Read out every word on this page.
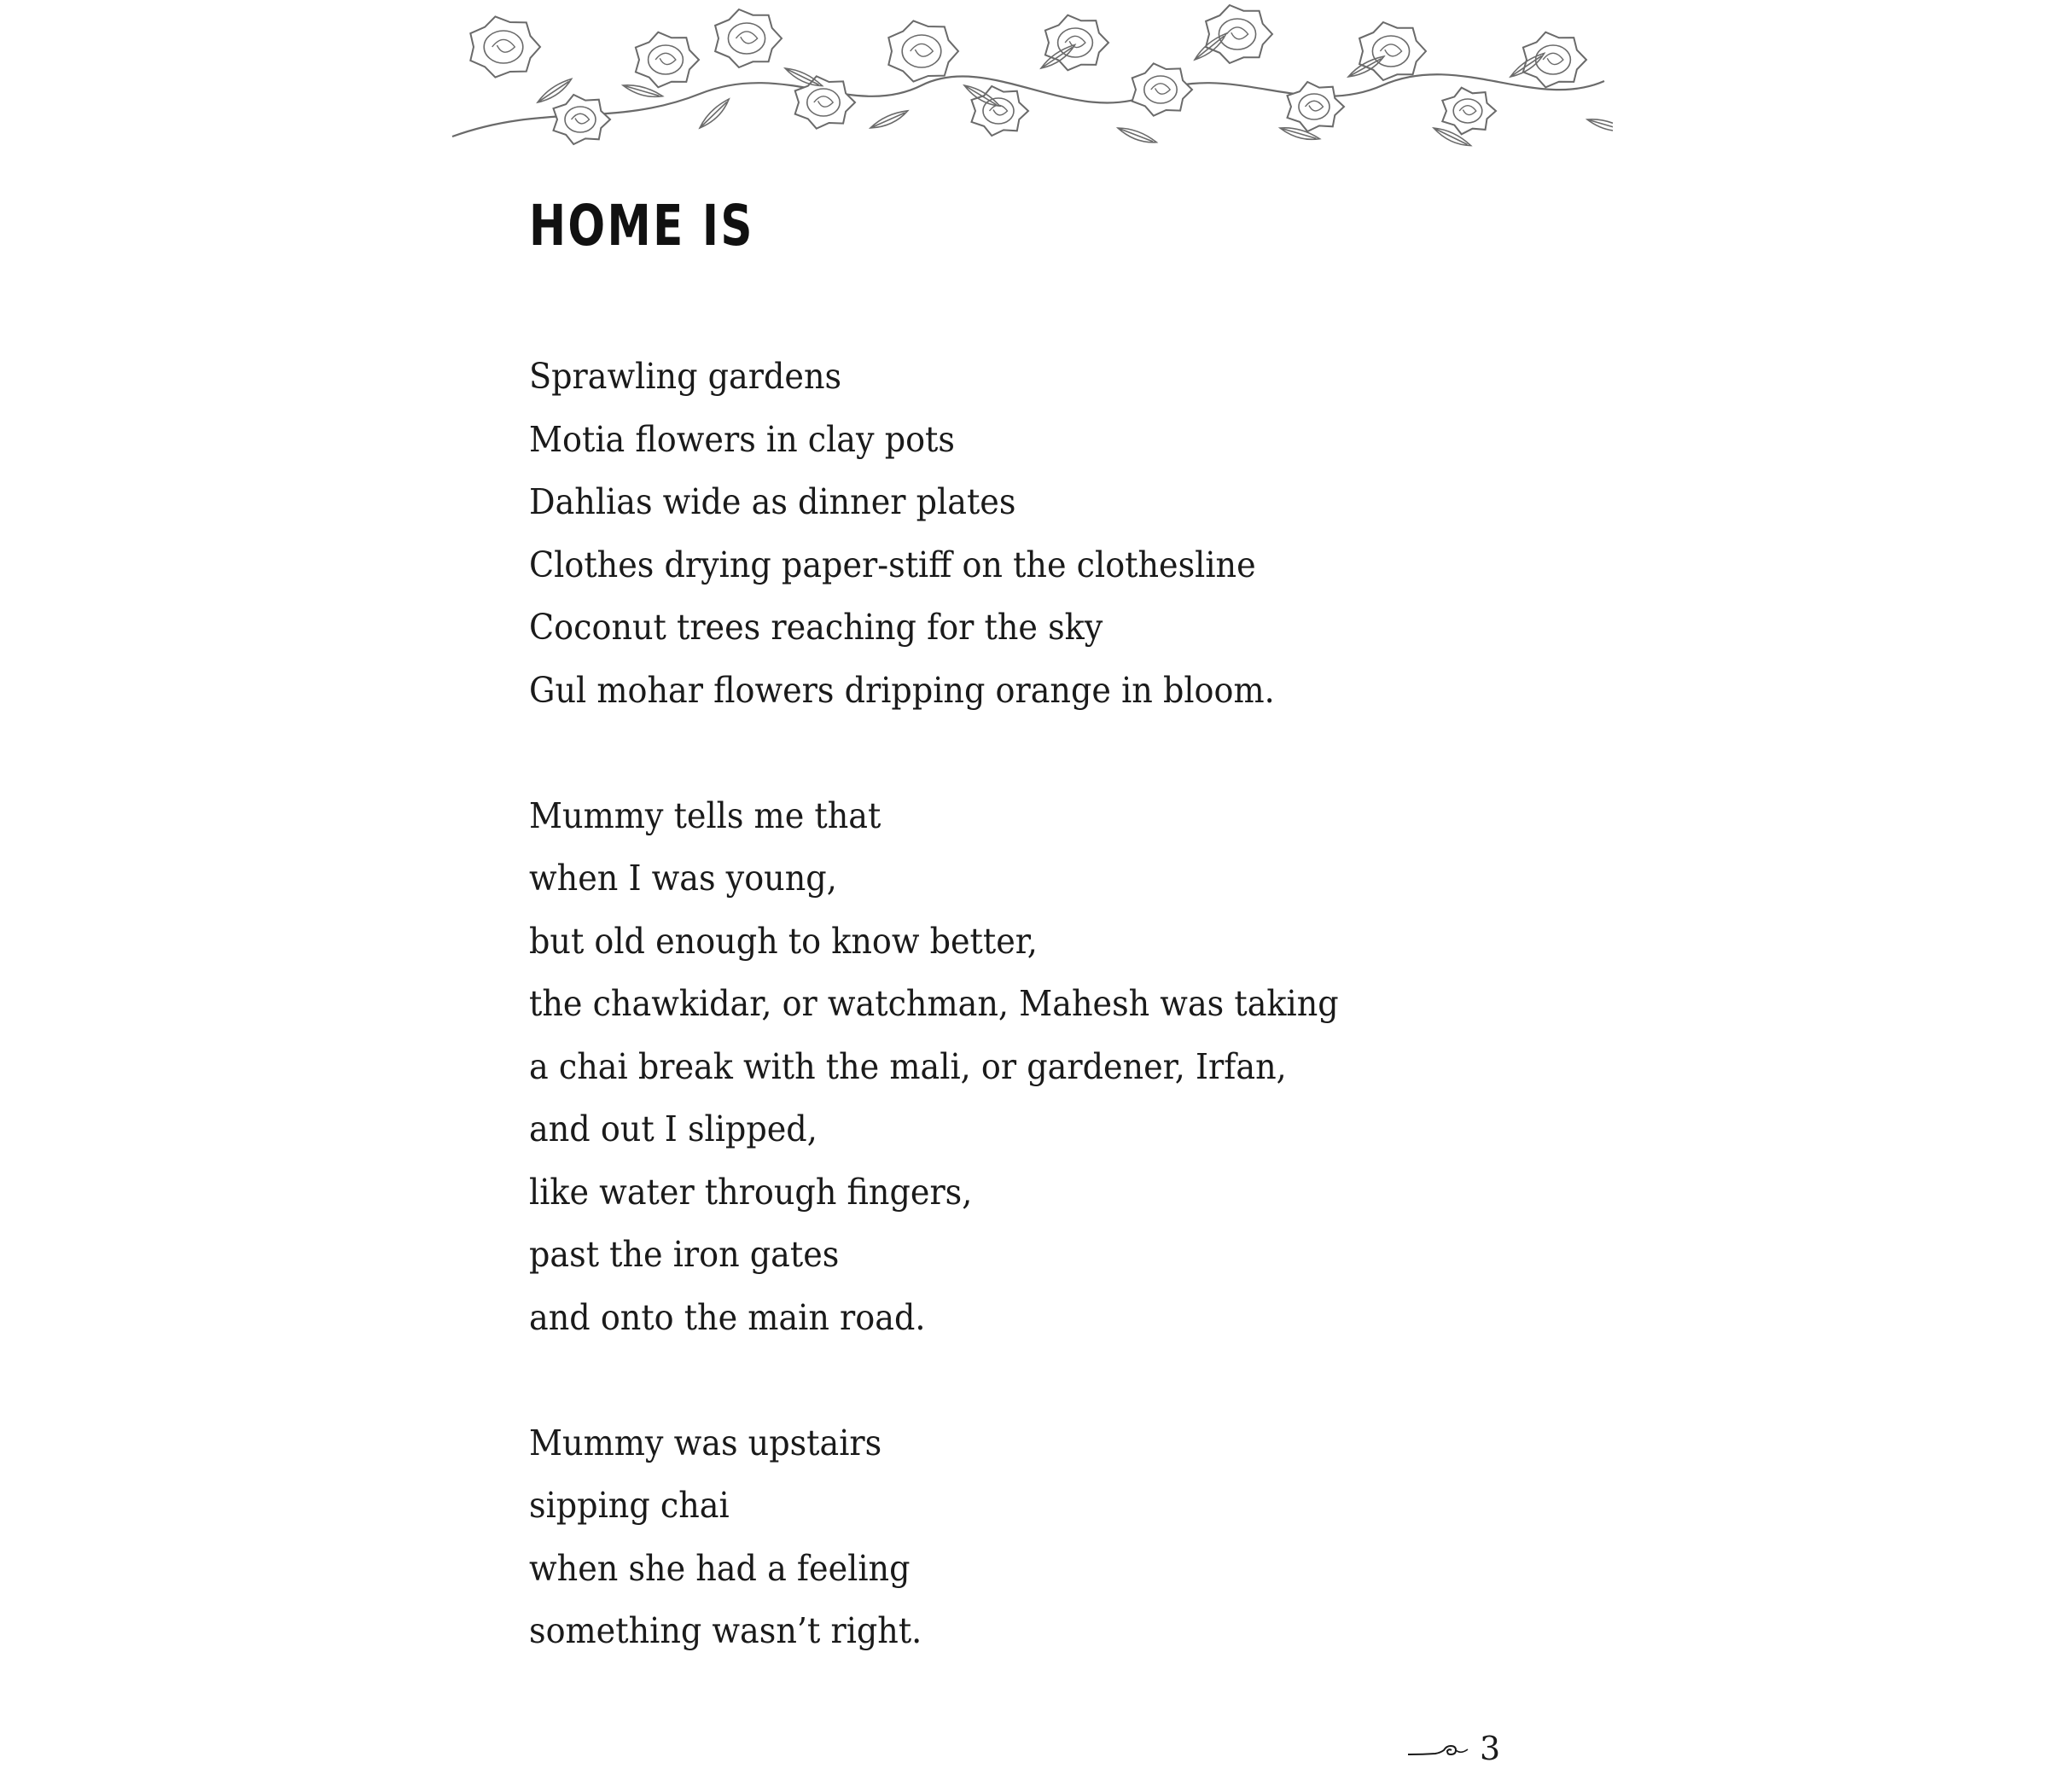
HOME IS
Sprawling gardens
Motia flowers in clay pots
Dahlias wide as dinner plates
Clothes drying paper-stiff on the clothesline
Coconut trees reaching for the sky
Gul mohar flowers dripping orange in bloom.
Mummy tells me that
when I was young,
but old enough to know better,
the chawkidar, or watchman, Mahesh was taking
a chai break with the mali, or gardener, Irfan,
and out I slipped,
like water through fingers,
past the iron gates
and onto the main road.
Mummy was upstairs
sipping chai
when she had a feeling
something wasn’t right.
3
